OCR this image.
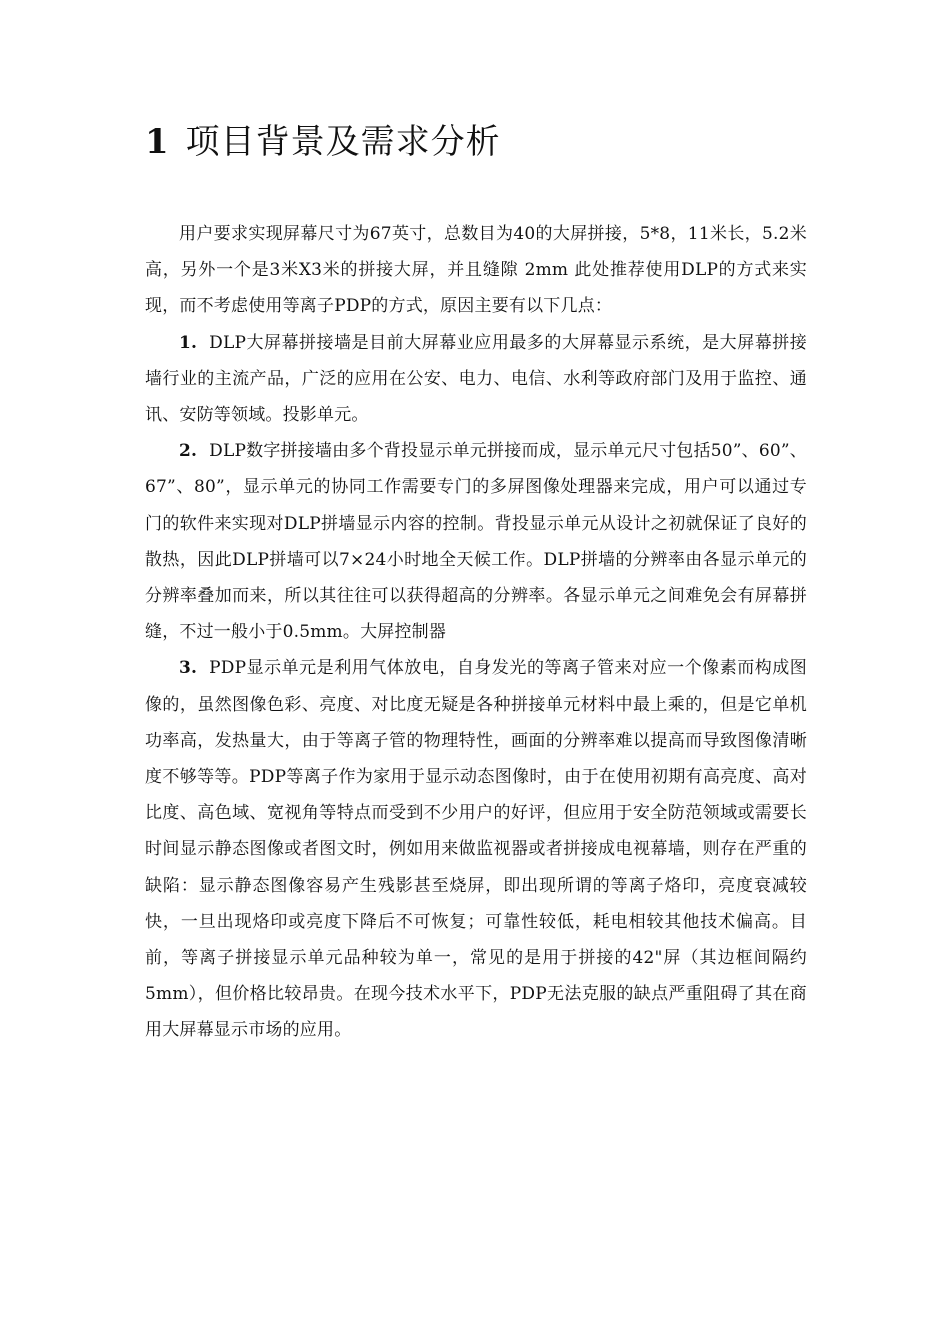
1 项目背景及需求分析

用户要求实现屏幕尺寸为67英寸，总数目为40的大屏拼接，5*8，11米长，5.2米高，另外一个是3米X3米的拼接大屏，并且缝隙 2mm 此处推荐使用DLP的方式来实现，而不考虑使用等离子PDP的方式，原因主要有以下几点：

1. DLP大屏幕拼接墙是目前大屏幕业应用最多的大屏幕显示系统，是大屏幕拼接墙行业的主流产品，广泛的应用在公安、电力、电信、水利等政府部门及用于监控、通讯、安防等领域。投影单元。

2. DLP数字拼接墙由多个背投显示单元拼接而成，显示单元尺寸包括50”、60”、67”、80”，显示单元的协同工作需要专门的多屏图像处理器来完成，用户可以通过专门的软件来实现对DLP拼墙显示内容的控制。背投显示单元从设计之初就保证了良好的散热，因此DLP拼墙可以7×24小时地全天候工作。DLP拼墙的分辨率由各显示单元的分辨率叠加而来，所以其往往可以获得超高的分辨率。各显示单元之间难免会有屏幕拼缝，不过一般小于0.5mm。大屏控制器

3. PDP显示单元是利用气体放电，自身发光的等离子管来对应一个像素而构成图像的，虽然图像色彩、亮度、对比度无疑是各种拼接单元材料中最上乘的，但是它单机功率高，发热量大，由于等离子管的物理特性，画面的分辨率难以提高而导致图像清晰度不够等等。PDP等离子作为家用于显示动态图像时，由于在使用初期有高亮度、高对比度、高色域、宽视角等特点而受到不少用户的好评，但应用于安全防范领域或需要长时间显示静态图像或者图文时，例如用来做监视器或者拼接成电视幕墙，则存在严重的缺陷：显示静态图像容易产生残影甚至烧屏，即出现所谓的等离子烙印，亮度衰减较快，一旦出现烙印或亮度下降后不可恢复；可靠性较低，耗电相较其他技术偏高。目前，等离子拼接显示单元品种较为单一，常见的是用于拼接的42"屏（其边框间隔约5mm），但价格比较昂贵。在现今技术水平下，PDP无法克服的缺点严重阻碍了其在商用大屏幕显示市场的应用。
